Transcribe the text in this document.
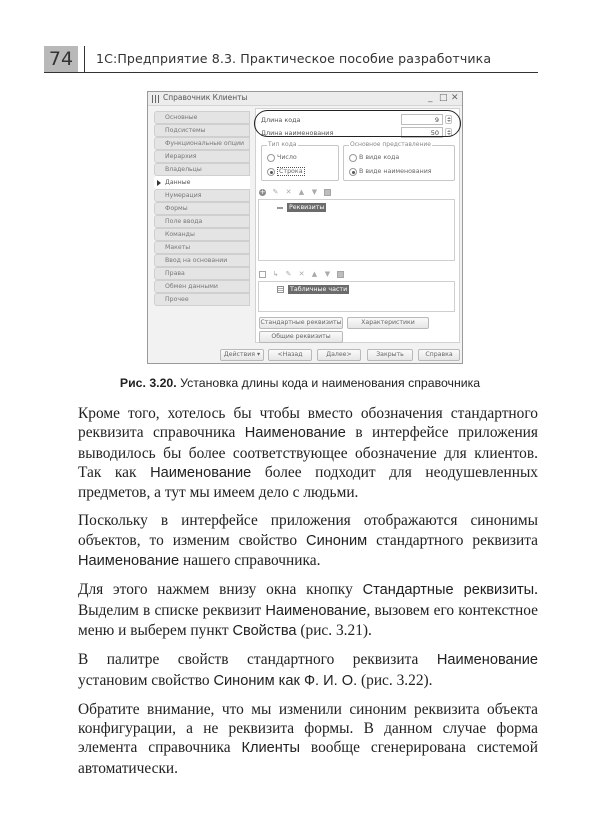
74	1С:Предприятие 8.3. Практическое пособие разработчика
Справочник Клиенты	_ □ ✕
Основные
Подсистемы
Функциональные опции
Иерархия
Владельцы
Данные
Нумерация
Формы
Поле ввода
Команды
Макеты
Ввод на основании
Права
Обмен данными
Прочее
Длина кода	9
Длина наименования	50
Тип кода
Число
Строка
Основное представление
В виде кода
В виде наименования
+ ✎ ✕ ▲ ▼
Реквизиты
↳ ✎ ✕ ▲ ▼
Табличные части
Стандартные реквизиты	Характеристики
Общие реквизиты
Действия ▾	<Назад	Далее>	Закрыть	Справка
Рис. 3.20. Установка длины кода и наименования справочника

Кроме того, хотелось бы чтобы вместо обозначения стандартного реквизита справочника Наименование в интерфейсе приложения выводилось бы более соответствующее обозначение для клиентов. Так как Наименование более подходит для неодушевленных предметов, а тут мы имеем дело с людьми.

Поскольку в интерфейсе приложения отображаются синонимы объектов, то изменим свойство Синоним стандартного реквизита Наименование нашего справочника.

Для этого нажмем внизу окна кнопку Стандартные реквизиты. Выделим в списке реквизит Наименование, вызовем его контекстное меню и выберем пункт Свойства (рис. 3.21).

В палитре свойств стандартного реквизита Наименование установим свойство Синоним как Ф. И. О. (рис. 3.22).

Обратите внимание, что мы изменили синоним реквизита объекта конфигурации, а не реквизита формы. В данном случае форма элемента справочника Клиенты вообще сгенерирована системой автоматически.
